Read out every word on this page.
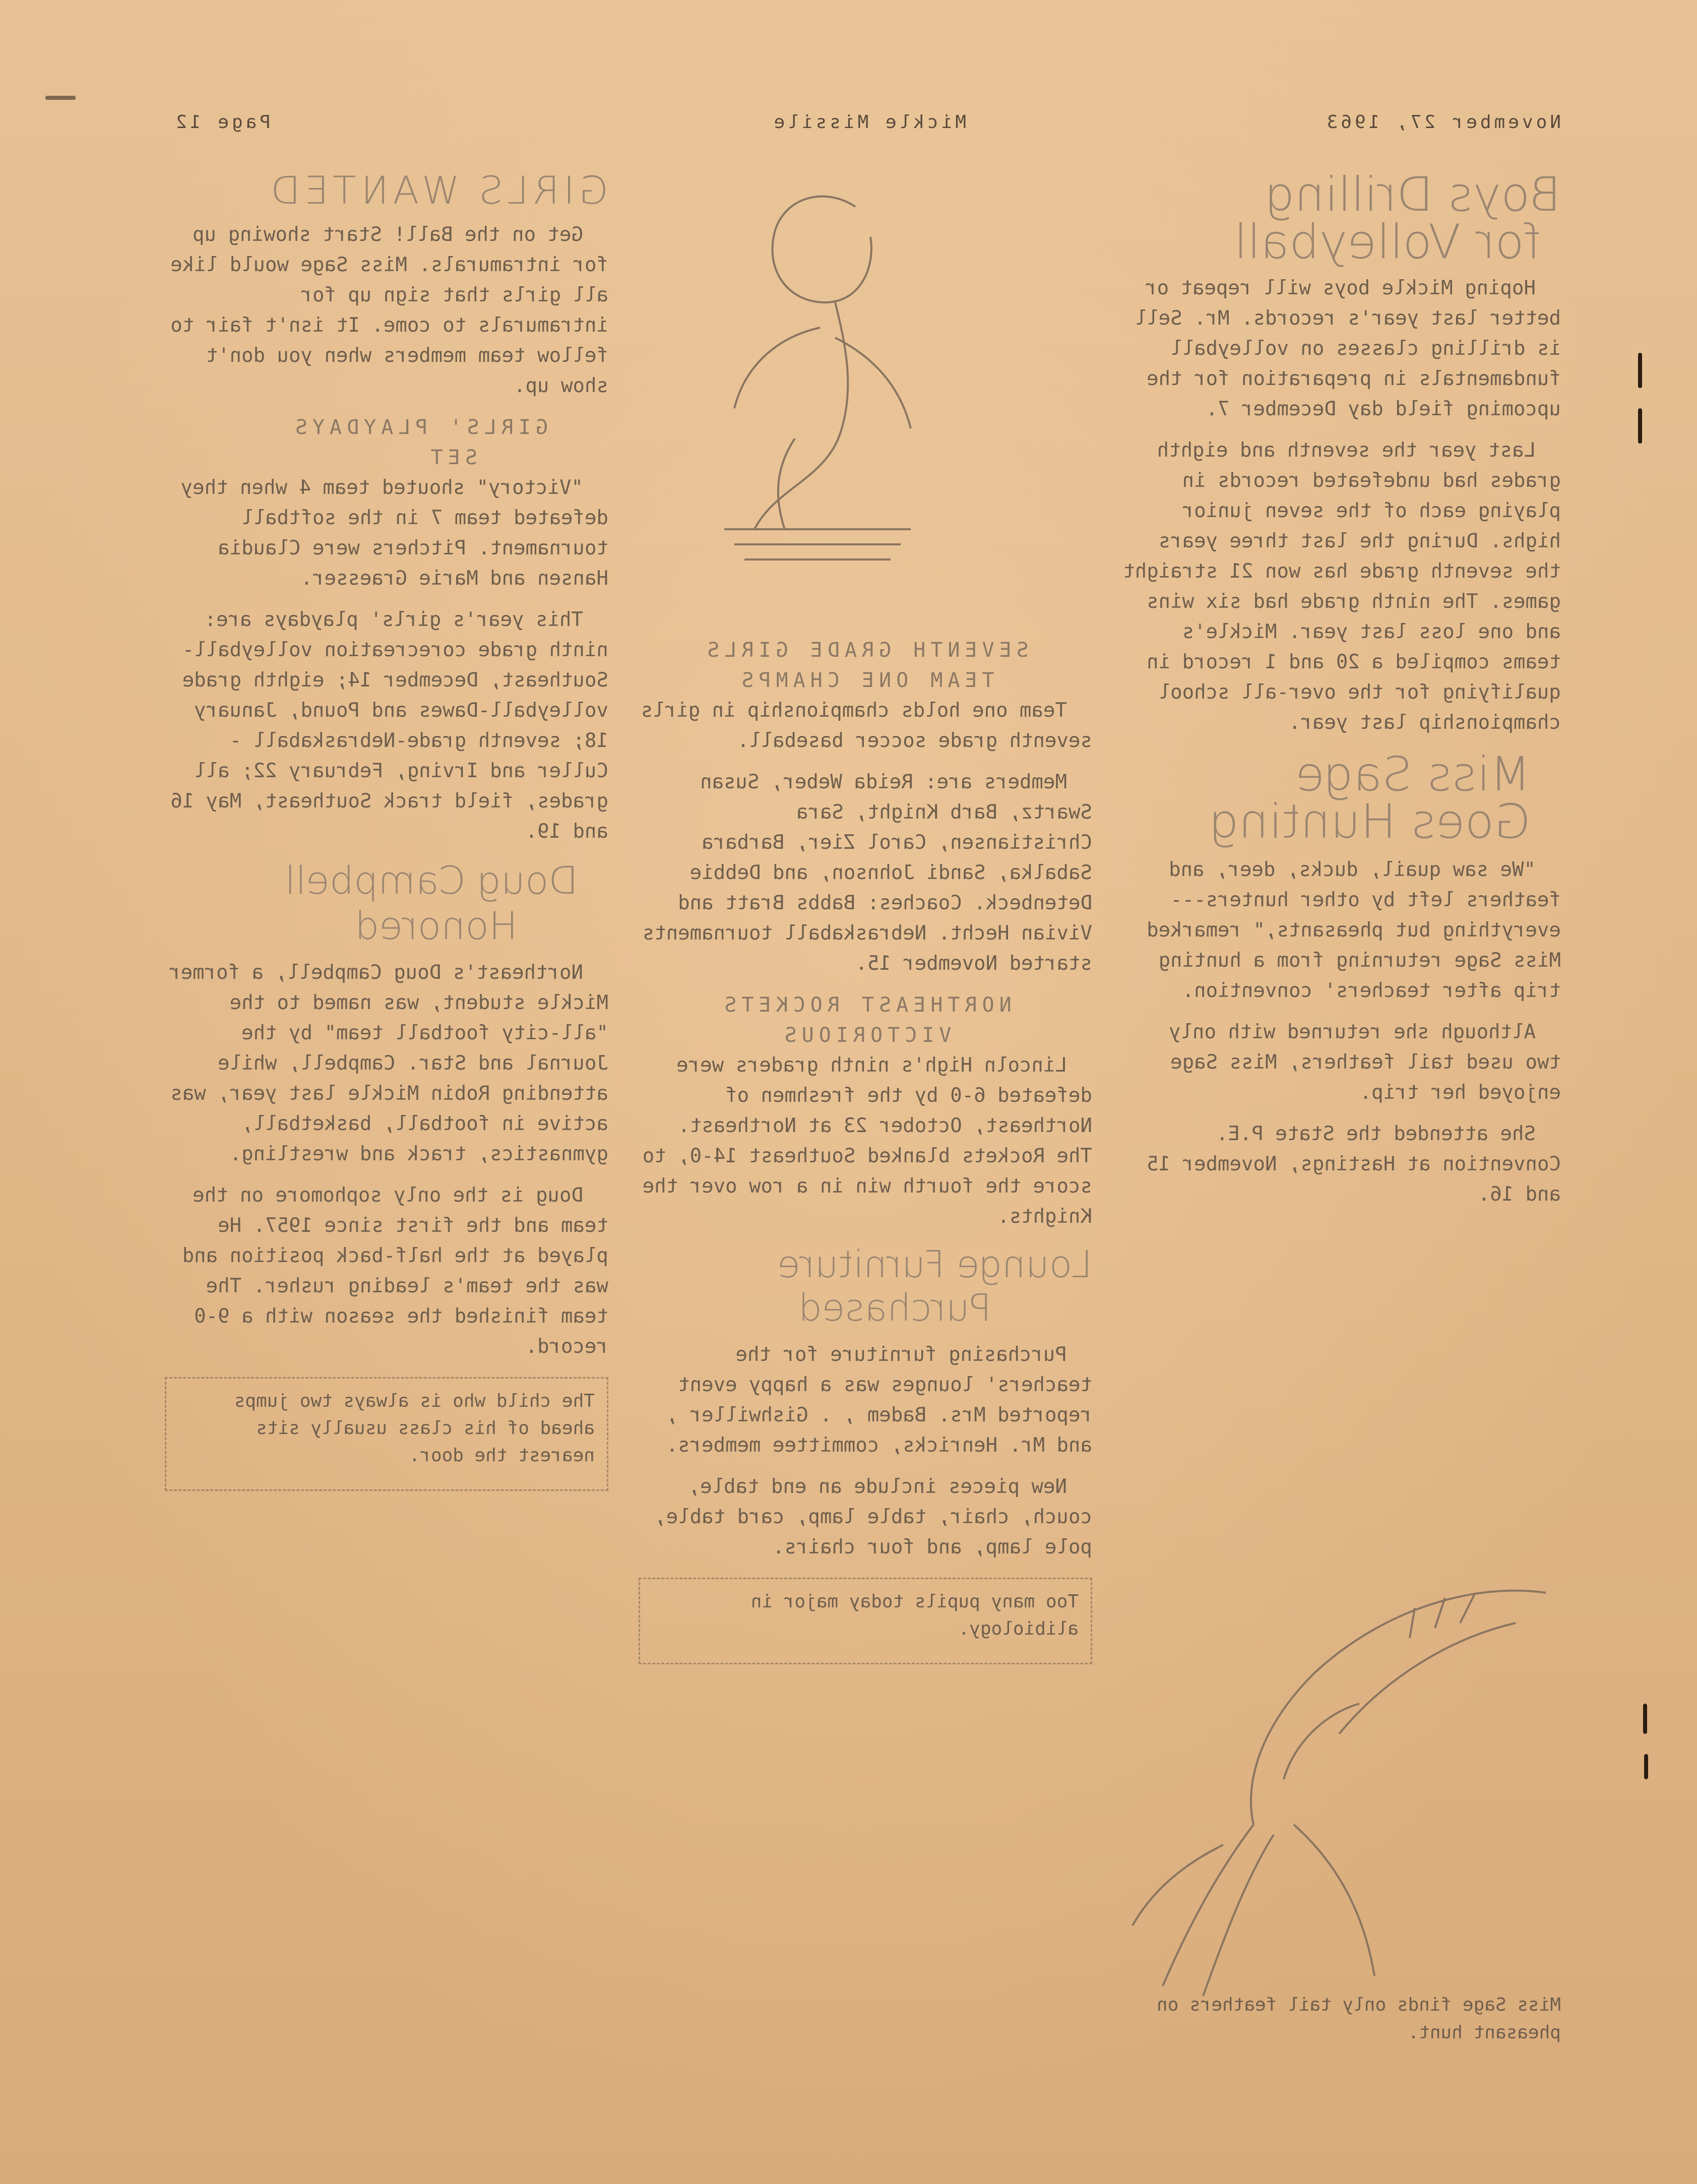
November 27, 1963
Mickle Missile
Page 12
Boys Drilling
for Volleyball

Hoping Mickle boys will repeat or better last year's records. Mr. Sell is drilling classes on volleyball fundamentals in preparation for the upcoming field day December 7.

Last year the seventh and eighth grades had undefeated records in playing each of the seven junior highs. During the last three years the seventh grade has won 21 straight games. The ninth grade had six wins and one loss last year. Mickle's teams compiled a 20 and 1 record in qualifying for the over-all school championship last year.

Miss Sage
Goes Hunting

"We saw quail, ducks, deer, and feathers left by other hunters---everything but pheasants," remarked Miss Sage returning from a hunting trip after teachers' convention.

Although she returned with only two used tail feathers, Miss Sage enjoyed her trip.

She attended the State P.E. Convention at Hastings, November 15 and 16.

Miss Sage finds only tail feathers on pheasant hunt.
SEVENTH GRADE GIRLS
TEAM ONE CHAMPS

Team one holds championship in girls seventh grade soccer baseball.

Members are: Reida Weber, Susan Swartz, Barb Knight, Sara Christiansen, Carol Zier, Barbara Sabalka, Sandi Johnson, and Debbie Detenbeck. Coaches: Babbs Bratt and Vivian Hecht. Nebraskaball tournaments started November 15.

NORTHEAST ROCKETS
VICTORIOUS

Lincoln High's ninth graders were defeated 6-0 by the freshmen of Northeast, October 23 at Northeast. The Rockets blanked Southeast 14-0, to score the fourth win in a row over the Knights.

Lounge Furniture
Purchased

Purchasing furniture for the teachers' lounges was a happy event reported Mrs. Badem , . Gishwiller , and Mr. Henricks, committee members.

New pieces include an end table, couch, chair, table lamp, card table, pole lamp, and four chairs.

Too many pupils today major in alibiology.

GIRLS WANTED

Get on the Ball! Start showing up for intramurals. Miss Sage would like all girls that sign up for intramurals to come. It isn't fair to fellow team members when you don't show up.

GIRLS' PLAYDAYS
SET

"Victory" shouted team 4 when they defeated team 7 in the softball tournament. Pitchers were Claudia Hansen and Marie Graesser.

This year's girls' playdays are: ninth grade corecreation volleyball-Southeast, December 14; eighth grade volleyball-Dawes and Pound, January 18; seventh grade-Nebraskaball - Culler and Irving, February 22; all grades, field track Southeast, May 16 and 19.

Doug Campbell
Honored

Northeast's Doug Campbell, a former Mickle student, was named to the "all-city football team" by the Journal and Star. Campbell, while attending Robin Mickle last year, was active in football, basketball, gymnastics, track and wrestling.

Doug is the only sophomore on the team and the first since 1957. He played at the half-back position and was the team's leading rusher. The team finished the season with a 9-0 record.

The child who is always two jumps ahead of his class usually sits nearest the door.
